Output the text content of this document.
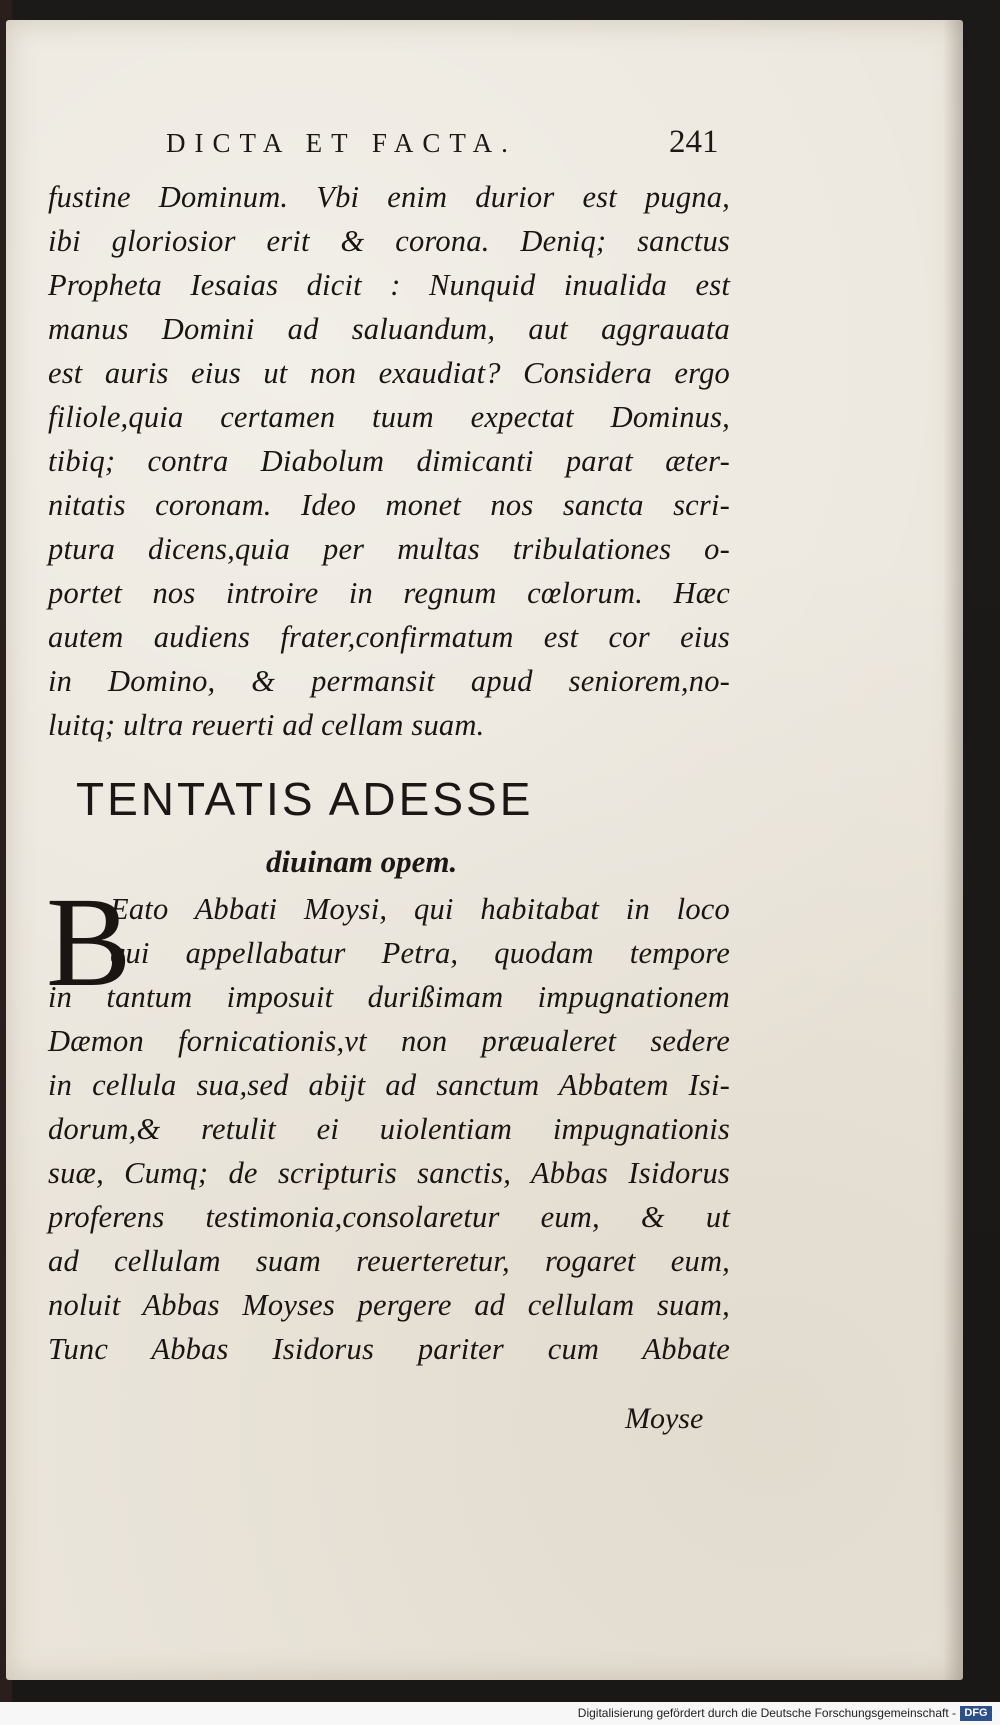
DICTA ET FACTA.	241
fustine Dominum. Vbi enim durior est pugna,
ibi gloriosior erit & corona. Deniq; sanctus
Propheta Iesaias dicit : Nunquid inualida est
manus Domini ad saluandum, aut aggrauata
est auris eius ut non exaudiat? Considera ergo
filiole,quia certamen tuum expectat Dominus,
tibiq; contra Diabolum dimicanti parat æter-
nitatis coronam. Ideo monet nos sancta scri-
ptura dicens,quia per multas tribulationes o-
portet nos introire in regnum cœlorum. Hæc
autem audiens frater,confirmatum est cor eius
in Domino, & permansit apud seniorem,no-
luitq; ultra reuerti ad cellam suam.
TENTATIS ADESSE
diuinam opem.
B
Eato Abbati Moysi, qui habitabat in loco
qui appellabatur Petra, quodam tempore
in tantum imposuit durißimam impugnationem
Dæmon fornicationis,vt non præualeret sedere
in cellula sua,sed abijt ad sanctum Abbatem Isi-
dorum,& retulit ei uiolentiam impugnationis
suæ, Cumq; de scripturis sanctis, Abbas Isidorus
proferens testimonia,consolaretur eum, & ut
ad cellulam suam reuerteretur, rogaret eum,
noluit Abbas Moyses pergere ad cellulam suam,
Tunc Abbas Isidorus pariter cum Abbate
Moyse
Digitalisierung gefördert durch die Deutsche Forschungsgemeinschaft - DFG
